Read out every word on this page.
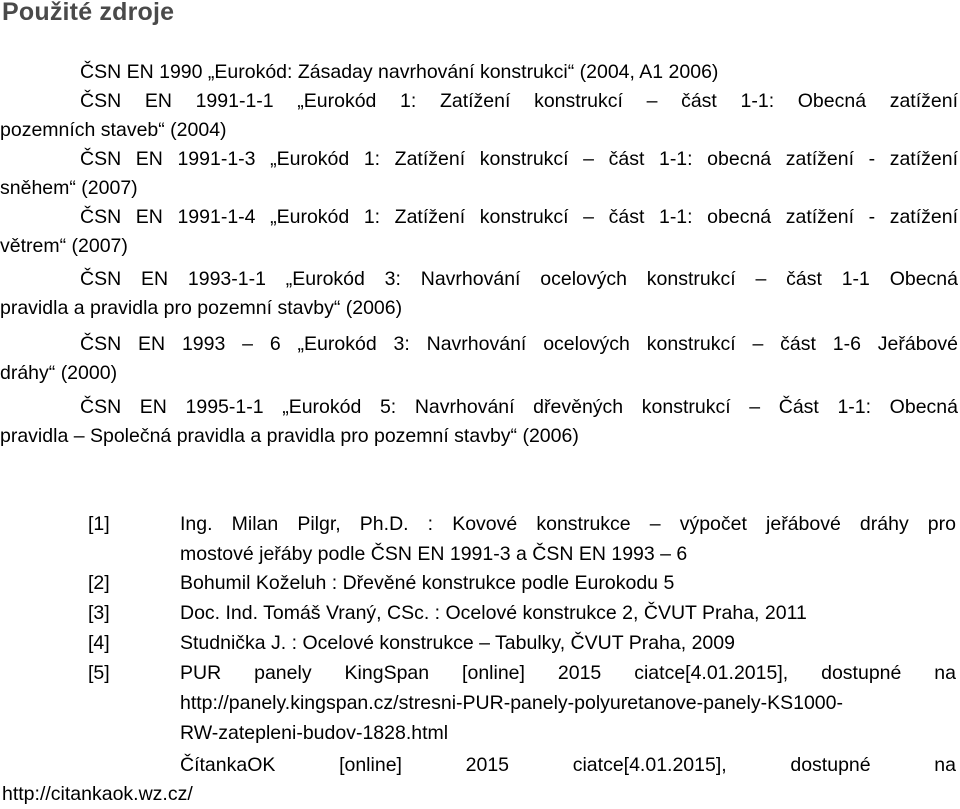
Použité zdroje
ČSN EN 1990 „Eurokód: Zásaday navrhování konstrukci“ (2004, A1 2006)
ČSN EN 1991-1-1 „Eurokód 1: Zatížení konstrukcí – část 1-1: Obecná zatížení
pozemních staveb“ (2004)
ČSN EN 1991-1-3 „Eurokód 1: Zatížení konstrukcí – část 1-1: obecná zatížení - zatížení
sněhem“ (2007)
ČSN EN 1991-1-4 „Eurokód 1: Zatížení konstrukcí – část 1-1: obecná zatížení - zatížení
větrem“ (2007)
ČSN EN 1993-1-1 „Eurokód 3: Navrhování ocelových konstrukcí – část 1-1 Obecná
pravidla a pravidla pro pozemní stavby“ (2006)
ČSN EN 1993 – 6 „Eurokód 3: Navrhování ocelových konstrukcí – část 1-6 Jeřábové
dráhy“ (2000)
ČSN EN 1995-1-1 „Eurokód 5: Navrhování dřevěných konstrukcí – Část 1-1: Obecná
pravidla – Společná pravidla a pravidla pro pozemní stavby“ (2006)
[1]	Ing. Milan Pilgr, Ph.D. : Kovové konstrukce – výpočet jeřábové dráhy pro
mostové jeřáby podle ČSN EN 1991-3 a ČSN EN 1993 – 6
[2]	Bohumil Koželuh : Dřevěné konstrukce podle Eurokodu 5
[3]	Doc. Ind. Tomáš Vraný, CSc. : Ocelové konstrukce 2, ČVUT Praha, 2011
[4]	Studnička J. : Ocelové konstrukce – Tabulky, ČVUT Praha, 2009
[5]	PUR panely KingSpan [online] 2015 ciatce[4.01.2015], dostupné na
http://panely.kingspan.cz/stresni-PUR-panely-polyuretanove-panely-KS1000-
RW-zatepleni-budov-1828.html
ČítankaOK [online] 2015 ciatce[4.01.2015], dostupné na
http://citankaok.wz.cz/
